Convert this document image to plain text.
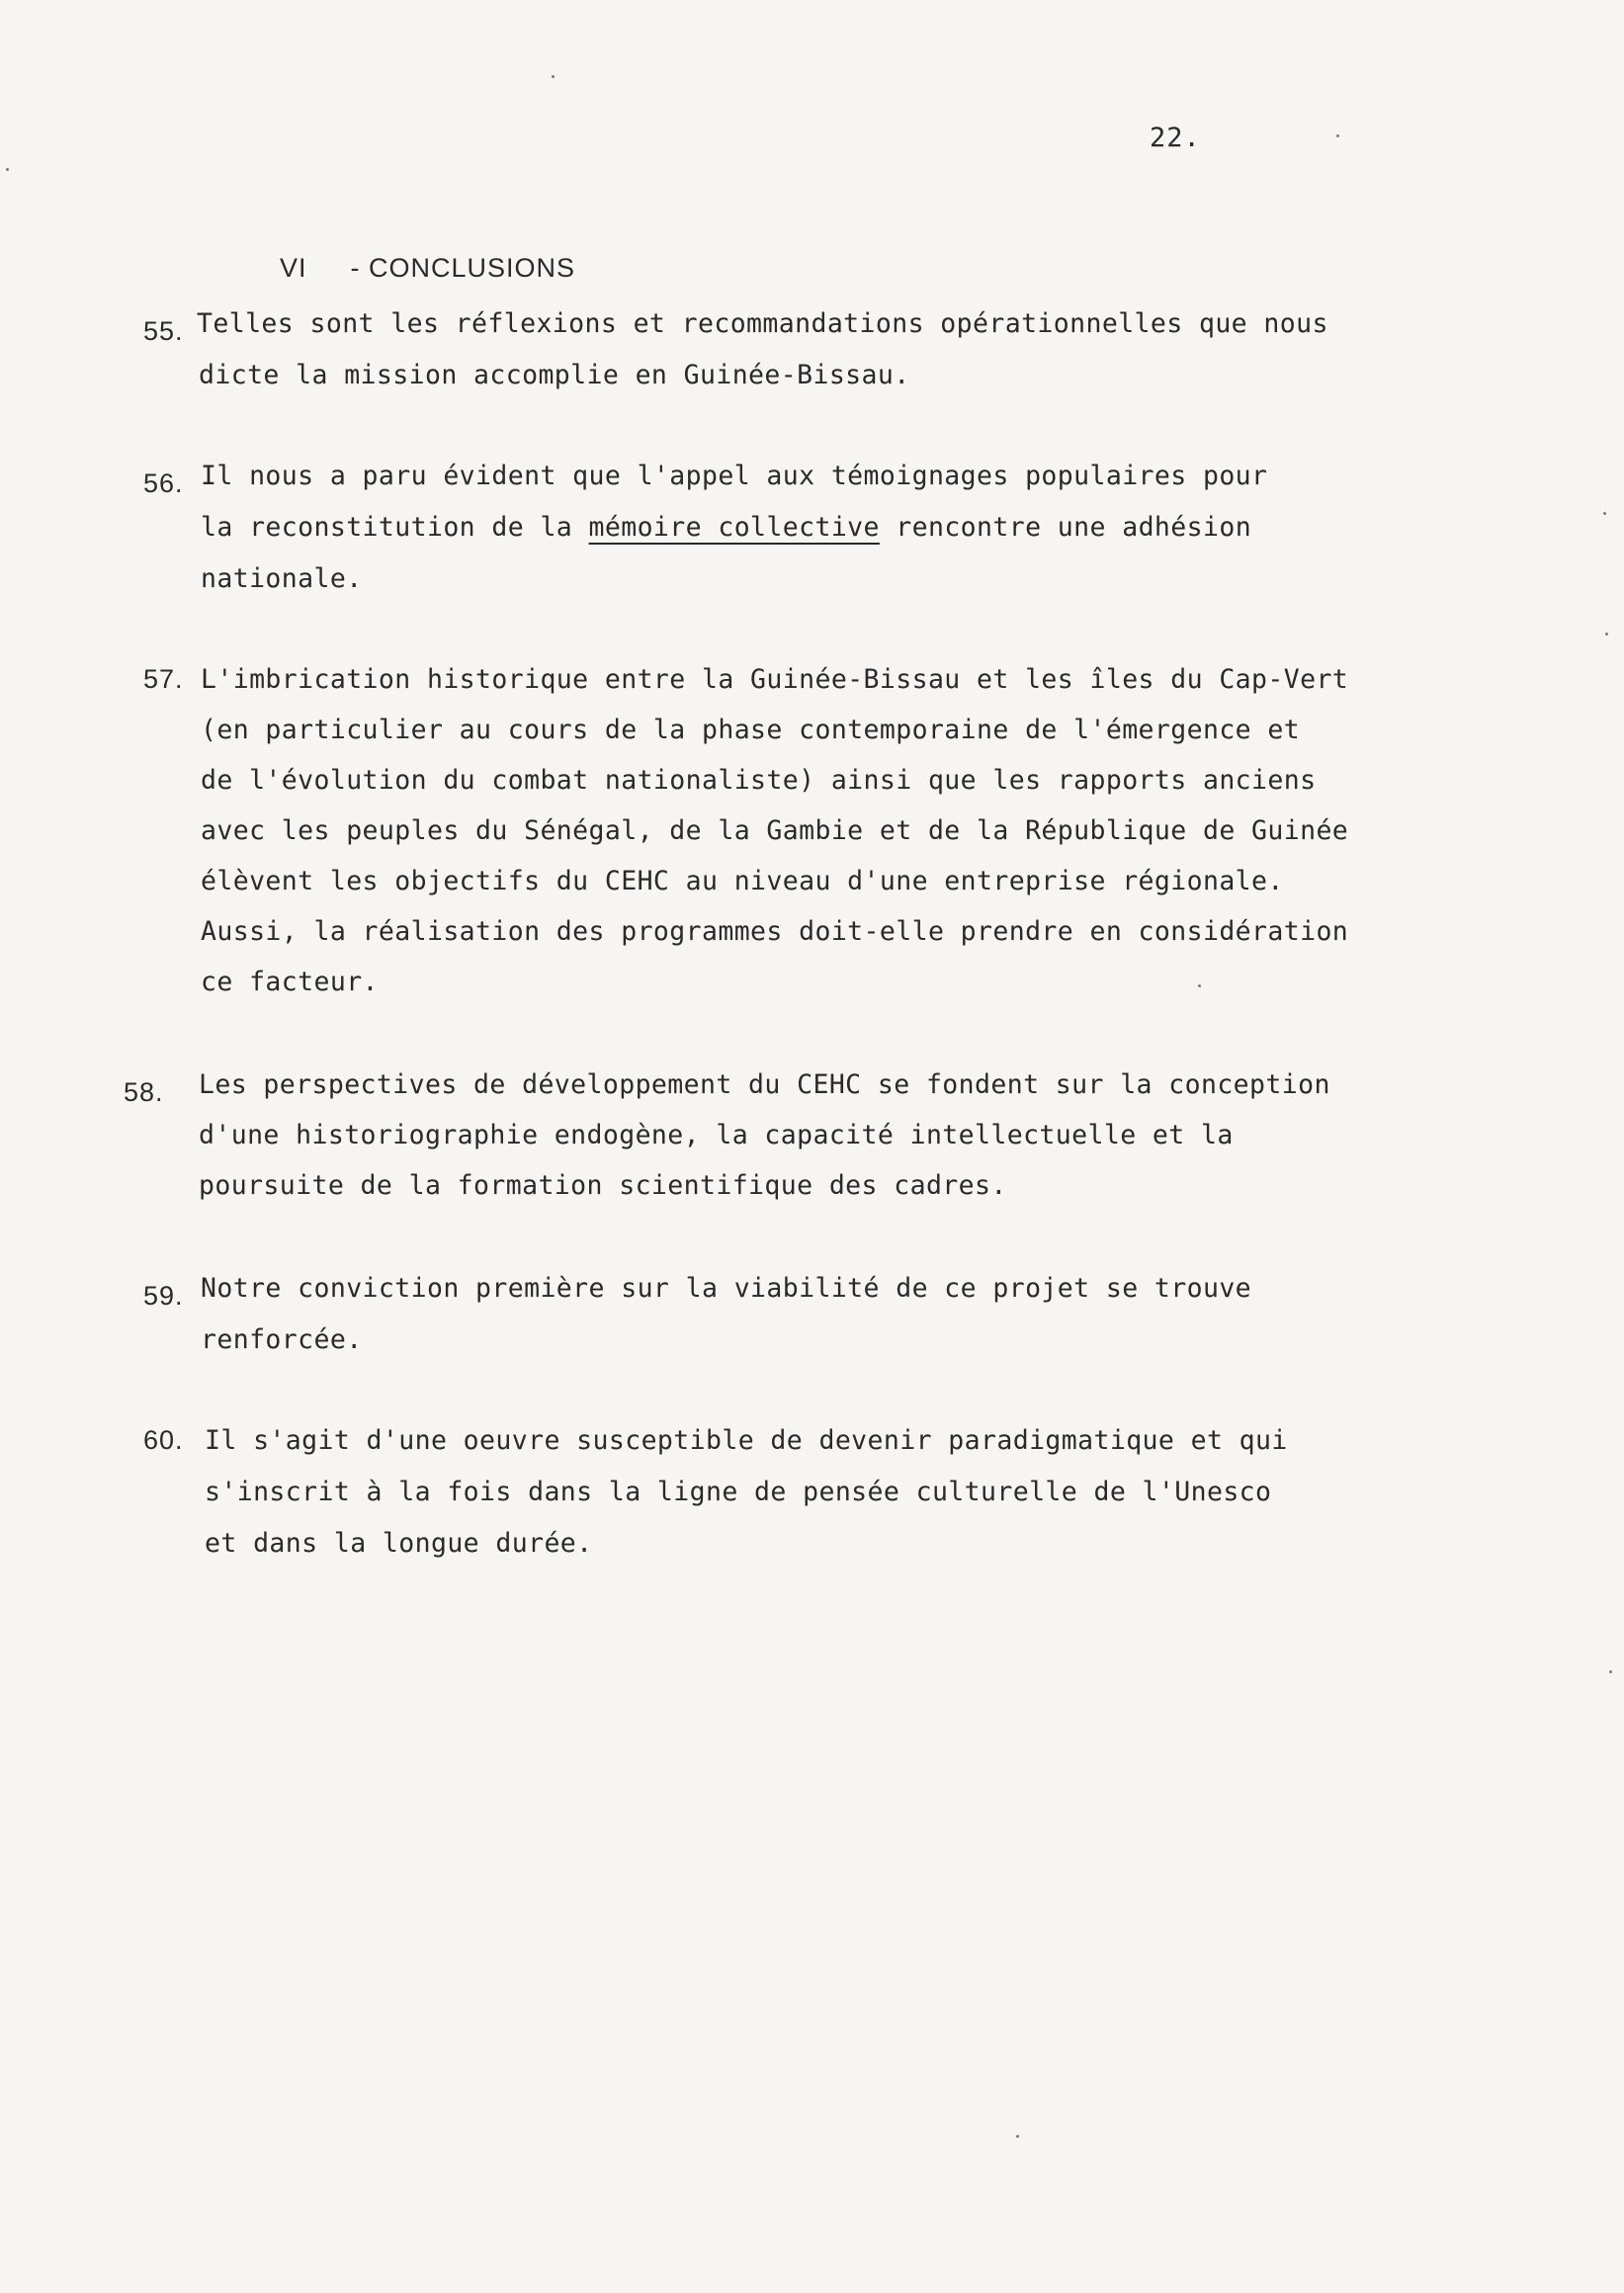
22.
VI - CONCLUSIONS
55. Telles sont les réflexions et recommandations opérationnelles que nous
dicte la mission accomplie en Guinée-Bissau.
56. Il nous a paru évident que l'appel aux témoignages populaires pour
la reconstitution de la mémoire collective rencontre une adhésion
nationale.
57. L'imbrication historique entre la Guinée-Bissau et les îles du Cap-Vert
(en particulier au cours de la phase contemporaine de l'émergence et
de l'évolution du combat nationaliste) ainsi que les rapports anciens
avec les peuples du Sénégal, de la Gambie et de la République de Guinée
élèvent les objectifs du CEHC au niveau d'une entreprise régionale.
Aussi, la réalisation des programmes doit-elle prendre en considération
ce facteur.
58. Les perspectives de développement du CEHC se fondent sur la conception
d'une historiographie endogène, la capacité intellectuelle et la
poursuite de la formation scientifique des cadres.
59. Notre conviction première sur la viabilité de ce projet se trouve
renforcée.
60. Il s'agit d'une oeuvre susceptible de devenir paradigmatique et qui
s'inscrit à la fois dans la ligne de pensée culturelle de l'Unesco
et dans la longue durée.
